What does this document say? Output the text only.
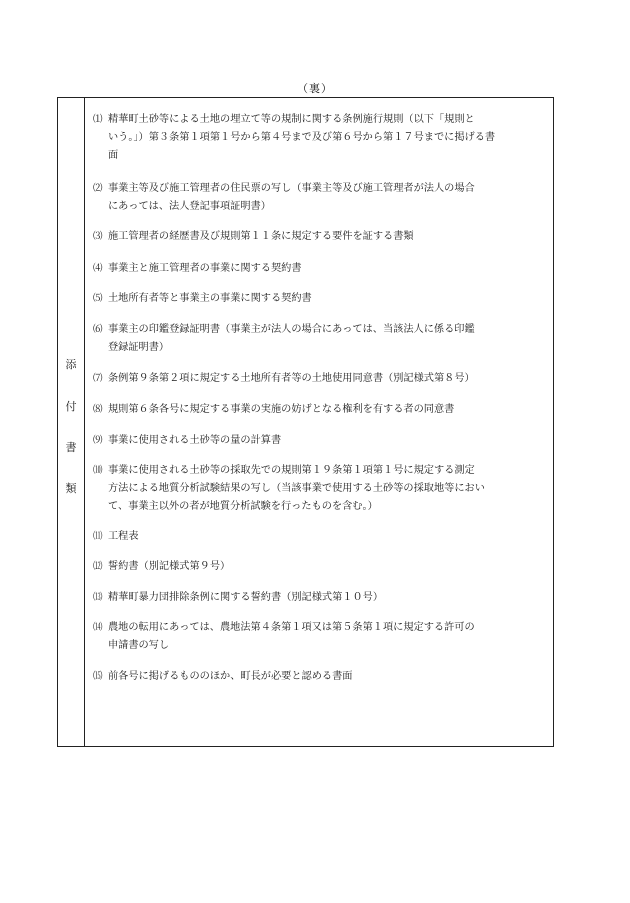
（裏）
添
付
書
類
⑴ 精華町土砂等による土地の埋立て等の規制に関する条例施行規則（以下「規則と
いう。」）第３条第１項第１号から第４号まで及び第６号から第１７号までに掲げる書
面
⑵ 事業主等及び施工管理者の住民票の写し（事業主等及び施工管理者が法人の場合
にあっては、法人登記事項証明書）
⑶ 施工管理者の経歴書及び規則第１１条に規定する要件を証する書類
⑷ 事業主と施工管理者の事業に関する契約書
⑸ 土地所有者等と事業主の事業に関する契約書
⑹ 事業主の印鑑登録証明書（事業主が法人の場合にあっては、当該法人に係る印鑑
登録証明書）
⑺ 条例第９条第２項に規定する土地所有者等の土地使用同意書（別記様式第８号）
⑻ 規則第６条各号に規定する事業の実施の妨げとなる権利を有する者の同意書
⑼ 事業に使用される土砂等の量の計算書
⑽ 事業に使用される土砂等の採取先での規則第１９条第１項第１号に規定する測定
方法による地質分析試験結果の写し（当該事業で使用する土砂等の採取地等におい
て、事業主以外の者が地質分析試験を行ったものを含む。）
⑾ 工程表
⑿ 誓約書（別記様式第９号）
⒀ 精華町暴力団排除条例に関する誓約書（別記様式第１０号）
⒁ 農地の転用にあっては、農地法第４条第１項又は第５条第１項に規定する許可の
申請書の写し
⒂ 前各号に掲げるもののほか、町長が必要と認める書面
